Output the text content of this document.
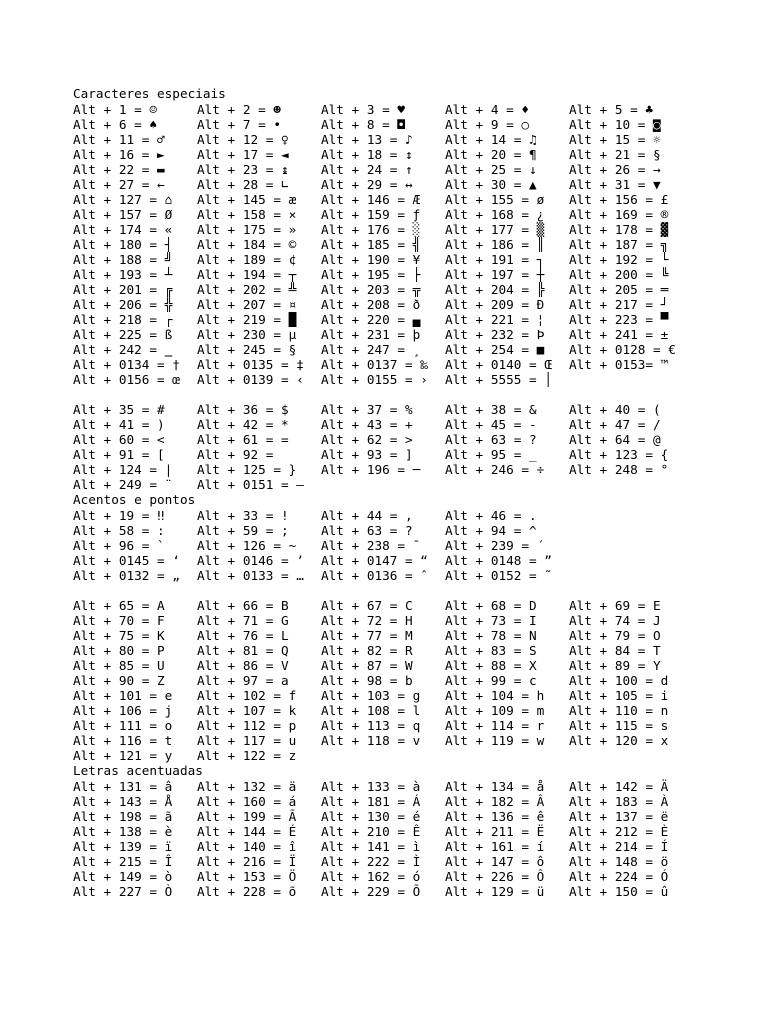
Caracteres especiais
Alt + 1 = ☺	Alt + 2 = ☻	Alt + 3 = ♥	Alt + 4 = ♦	Alt + 5 = ♣
Alt + 6 = ♠	Alt + 7 = •	Alt + 8 = ◘	Alt + 9 = ○	Alt + 10 = ◙
Alt + 11 = ♂	Alt + 12 = ♀	Alt + 13 = ♪	Alt + 14 = ♫	Alt + 15 = ☼
Alt + 16 = ►	Alt + 17 = ◄	Alt + 18 = ↕	Alt + 20 = ¶	Alt + 21 = §
Alt + 22 = ▬	Alt + 23 = ↨	Alt + 24 = ↑	Alt + 25 = ↓	Alt + 26 = →
Alt + 27 = ←	Alt + 28 = ∟	Alt + 29 = ↔	Alt + 30 = ▲	Alt + 31 = ▼
Alt + 127 = ⌂	Alt + 145 = æ	Alt + 146 = Æ	Alt + 155 = ø	Alt + 156 = £
Alt + 157 = Ø	Alt + 158 = ×	Alt + 159 = ƒ	Alt + 168 = ¿	Alt + 169 = ®
Alt + 174 = «	Alt + 175 = »	Alt + 176 = ░	Alt + 177 = ▒	Alt + 178 = ▓
Alt + 180 = ┤	Alt + 184 = ©	Alt + 185 = ╣	Alt + 186 = ║	Alt + 187 = ╗
Alt + 188 = ╝	Alt + 189 = ¢	Alt + 190 = ¥	Alt + 191 = ┐	Alt + 192 = └
Alt + 193 = ┴	Alt + 194 = ┬	Alt + 195 = ├	Alt + 197 = ┼	Alt + 200 = ╚
Alt + 201 = ╔	Alt + 202 = ╩	Alt + 203 = ╦	Alt + 204 = ╠	Alt + 205 = ═
Alt + 206 = ╬	Alt + 207 = ¤	Alt + 208 = ð	Alt + 209 = Ð	Alt + 217 = ┘
Alt + 218 = ┌	Alt + 219 = █	Alt + 220 = ▄	Alt + 221 = ¦	Alt + 223 = ▀
Alt + 225 = ß	Alt + 230 = µ	Alt + 231 = þ	Alt + 232 = Þ	Alt + 241 = ±
Alt + 242 = ‗	Alt + 245 = §	Alt + 247 = ¸	Alt + 254 = ■	Alt + 0128 = €
Alt + 0134 = †	Alt + 0135 = ‡	Alt + 0137 = ‰	Alt + 0140 = Œ	Alt + 0153= ™
Alt + 0156 = œ	Alt + 0139 = ‹	Alt + 0155 = ›	Alt + 5555 = │
Alt + 35 = #	Alt + 36 = $	Alt + 37 = %	Alt + 38 = &	Alt + 40 = (
Alt + 41 = )	Alt + 42 = *	Alt + 43 = +	Alt + 45 = -	Alt + 47 = /
Alt + 60 = <	Alt + 61 = =	Alt + 62 = >	Alt + 63 = ?	Alt + 64 = @
Alt + 91 = [	Alt + 92 =	Alt + 93 = ]	Alt + 95 = _	Alt + 123 = {
Alt + 124 = |	Alt + 125 = }	Alt + 196 = ─	Alt + 246 = ÷	Alt + 248 = °
Alt + 249 = ¨	Alt + 0151 = —
Acentos e pontos
Alt + 19 = ‼	Alt + 33 = !	Alt + 44 = ,	Alt + 46 = .
Alt + 58 = :	Alt + 59 = ;	Alt + 63 = ?	Alt + 94 = ^
Alt + 96 = `	Alt + 126 = ~	Alt + 238 = ¯	Alt + 239 = ´
Alt + 0145 = ‘	Alt + 0146 = ’	Alt + 0147 = “	Alt + 0148 = ”
Alt + 0132 = „	Alt + 0133 = …	Alt + 0136 = ˆ	Alt + 0152 = ˜
Alt + 65 = A	Alt + 66 = B	Alt + 67 = C	Alt + 68 = D	Alt + 69 = E
Alt + 70 = F	Alt + 71 = G	Alt + 72 = H	Alt + 73 = I	Alt + 74 = J
Alt + 75 = K	Alt + 76 = L	Alt + 77 = M	Alt + 78 = N	Alt + 79 = O
Alt + 80 = P	Alt + 81 = Q	Alt + 82 = R	Alt + 83 = S	Alt + 84 = T
Alt + 85 = U	Alt + 86 = V	Alt + 87 = W	Alt + 88 = X	Alt + 89 = Y
Alt + 90 = Z	Alt + 97 = a	Alt + 98 = b	Alt + 99 = c	Alt + 100 = d
Alt + 101 = e	Alt + 102 = f	Alt + 103 = g	Alt + 104 = h	Alt + 105 = i
Alt + 106 = j	Alt + 107 = k	Alt + 108 = l	Alt + 109 = m	Alt + 110 = n
Alt + 111 = o	Alt + 112 = p	Alt + 113 = q	Alt + 114 = r	Alt + 115 = s
Alt + 116 = t	Alt + 117 = u	Alt + 118 = v	Alt + 119 = w	Alt + 120 = x
Alt + 121 = y	Alt + 122 = z
Letras acentuadas
Alt + 131 = â	Alt + 132 = ä	Alt + 133 = à	Alt + 134 = å	Alt + 142 = Ä
Alt + 143 = Å	Alt + 160 = á	Alt + 181 = Á	Alt + 182 = Â	Alt + 183 = À
Alt + 198 = ã	Alt + 199 = Ã	Alt + 130 = é	Alt + 136 = ê	Alt + 137 = ë
Alt + 138 = è	Alt + 144 = É	Alt + 210 = Ê	Alt + 211 = Ë	Alt + 212 = È
Alt + 139 = ï	Alt + 140 = î	Alt + 141 = ì	Alt + 161 = í	Alt + 214 = Í
Alt + 215 = Î	Alt + 216 = Ï	Alt + 222 = Ì	Alt + 147 = ô	Alt + 148 = ö
Alt + 149 = ò	Alt + 153 = Ö	Alt + 162 = ó	Alt + 226 = Ô	Alt + 224 = Ó
Alt + 227 = Ò	Alt + 228 = õ	Alt + 229 = Õ	Alt + 129 = ü	Alt + 150 = û
